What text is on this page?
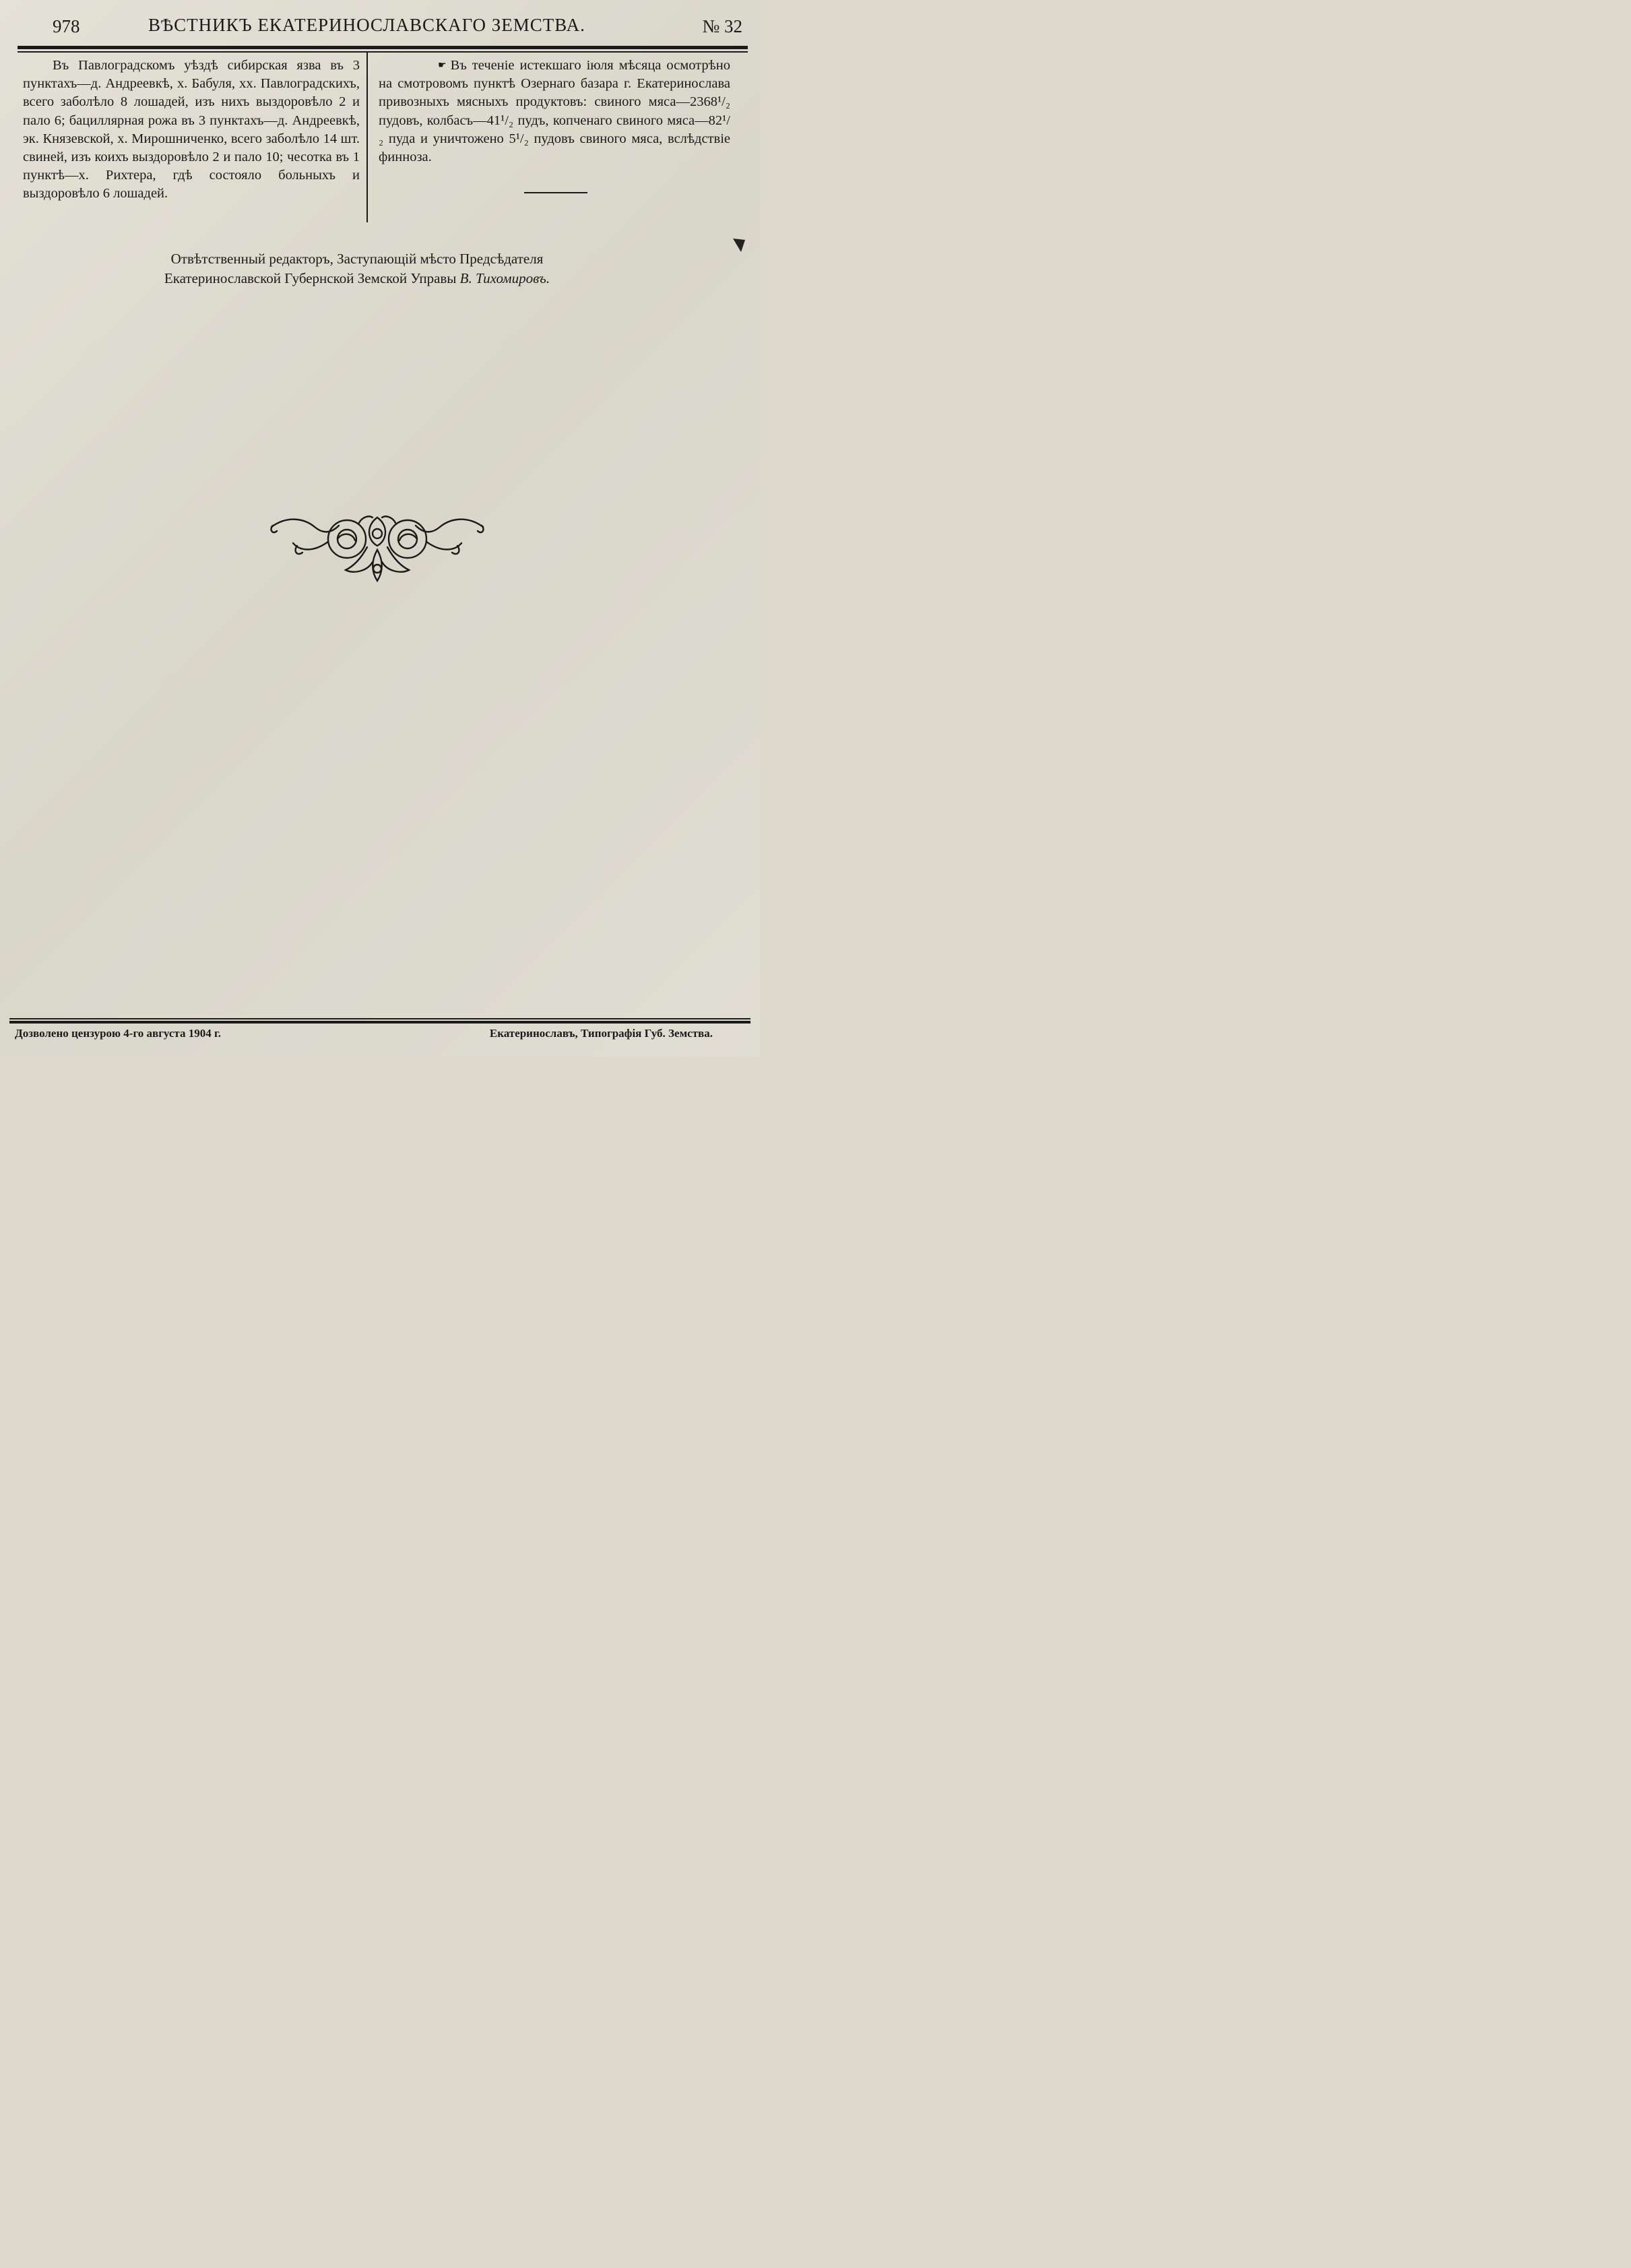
978	ВѢСТНИКЪ ЕКАТЕРИНОСЛАВСКАГО ЗЕМСТВА.	№ 32

Въ Павлоградскомъ уѣздѣ сибирская язва въ 3 пунктахъ—д. Андреевкѣ, х. Бабуля, хх. Павлоградскихъ, всего заболѣло 8 лошадей, изъ нихъ выздоровѣло 2 и пало 6; бациллярная рожа въ 3 пунктахъ—д. Андреевкѣ, эк. Князевской, х. Мирошниченко, всего заболѣло 14 шт. свиней, изъ коихъ выздоровѣло 2 и пало 10; чесотка въ 1 пунктѣ—х. Рихтера, гдѣ состояло больныхъ и выздоровѣло 6 лошадей.

☛ Въ теченіе истекшаго іюля мѣсяца осмотрѣно на смотровомъ пунктѣ Озернаго базара г. Екатеринослава привозныхъ мясныхъ продуктовъ: свиного мяса—2368¹/₂ пудовъ, колбасъ—41¹/₂ пудъ, копченаго свиного мяса—82¹/₂ пуда и уничтожено 5¹/₂ пудовъ свиного мяса, вслѣдствіе финноза.

Отвѣтственный редакторъ, Заступающій мѣсто Предсѣдателя
Екатеринославской Губернской Земской Управы В. Тихомировъ.
Дозволено цензурою 4-го августа 1904 г.	Екатеринославъ, Типографія Губ. Земства.
